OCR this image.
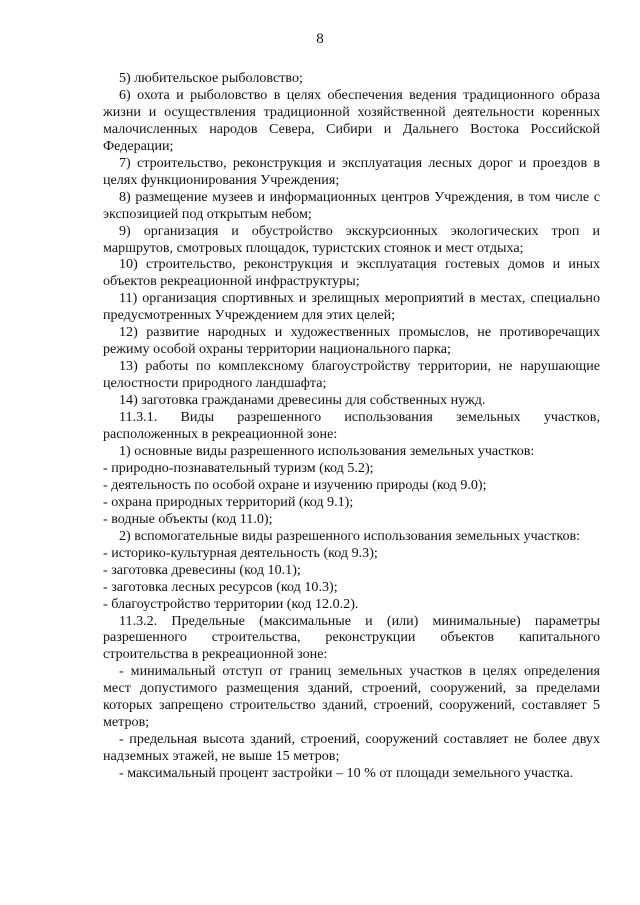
8

5) любительское рыболовство;

6) охота и рыболовство в целях обеспечения ведения традиционного образа жизни и осуществления традиционной хозяйственной деятельности коренных малочисленных народов Севера, Сибири и Дальнего Востока Российской Федерации;

7) строительство, реконструкция и эксплуатация лесных дорог и проездов в целях функционирования Учреждения;

8) размещение музеев и информационных центров Учреждения, в том числе с экспозицией под открытым небом;

9) организация и обустройство экскурсионных экологических троп и маршрутов, смотровых площадок, туристских стоянок и мест отдыха;

10) строительство, реконструкция и эксплуатация гостевых домов и иных объектов рекреационной инфраструктуры;

11) организация спортивных и зрелищных мероприятий в местах, специально предусмотренных Учреждением для этих целей;

12) развитие народных и художественных промыслов, не противоречащих режиму особой охраны территории национального парка;

13) работы по комплексному благоустройству территории, не нарушающие целостности природного ландшафта;

14) заготовка гражданами древесины для собственных нужд.

11.3.1. Виды разрешенного использования земельных участков, расположенных в рекреационной зоне:

1) основные виды разрешенного использования земельных участков:

- природно-познавательный туризм (код 5.2);

- деятельность по особой охране и изучению природы (код 9.0);

- охрана природных территорий (код 9.1);

- водные объекты (код 11.0);

2) вспомогательные виды разрешенного использования земельных участков:

- историко-культурная деятельность (код 9.3);

- заготовка древесины (код 10.1);

- заготовка лесных ресурсов (код 10.3);

- благоустройство территории (код 12.0.2).

11.3.2. Предельные (максимальные и (или) минимальные) параметры разрешенного строительства, реконструкции объектов капитального строительства в рекреационной зоне:

- минимальный отступ от границ земельных участков в целях определения мест допустимого размещения зданий, строений, сооружений, за пределами которых запрещено строительство зданий, строений, сооружений, составляет 5 метров;

- предельная высота зданий, строений, сооружений составляет не более двух надземных этажей, не выше 15 метров;

- максимальный процент застройки – 10 % от площади земельного участка.
